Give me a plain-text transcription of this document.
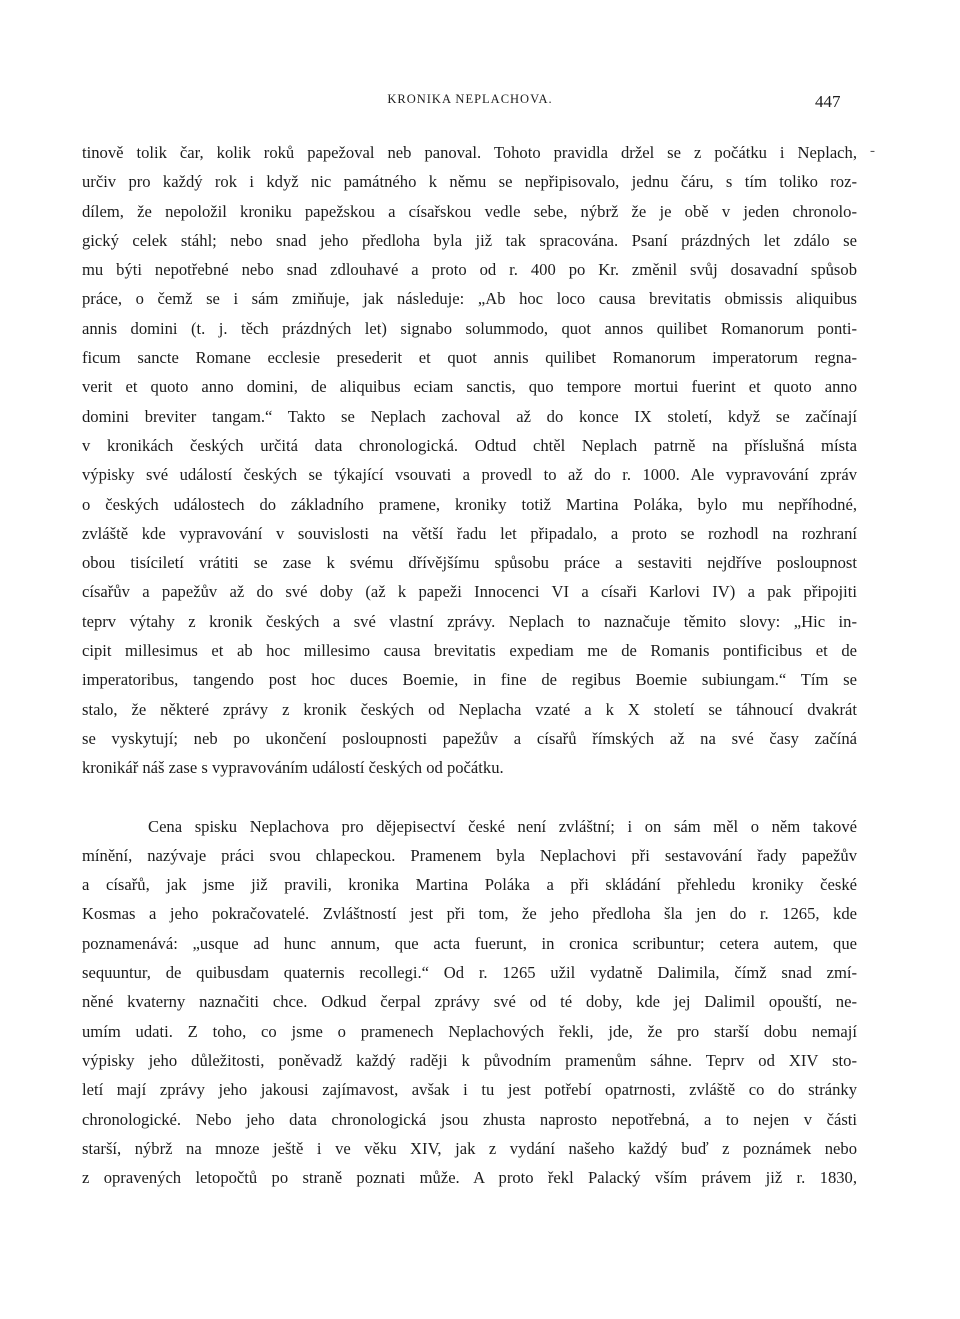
KRONIKA NEPLACHOVA.	447
-
tinově tolik čar, kolik roků papežoval neb panoval. Tohoto pravidla držel se z počátku i Neplach,
určiv pro každý rok i když nic památného k němu se nepřipisovalo, jednu čáru, s tím toliko roz-
dílem, že nepoložil kroniku papežskou a císařskou vedle sebe, nýbrž že je obě v jeden chronolo-
gický celek stáhl; nebo snad jeho předloha byla již tak spracována. Psaní prázdných let zdálo se
mu býti nepotřebné nebo snad zdlouhavé a proto od r. 400 po Kr. změnil svůj dosavadní spůsob
práce, o čemž se i sám zmiňuje, jak následuje: „Ab hoc loco causa brevitatis obmissis aliquibus
annis domini (t. j. těch prázdných let) signabo solummodo, quot annos quilibet Romanorum ponti-
ficum sancte Romane ecclesie presederit et quot annis quilibet Romanorum imperatorum regna-
verit et quoto anno domini, de aliquibus eciam sanctis, quo tempore mortui fuerint et quoto anno
domini breviter tangam.“ Takto se Neplach zachoval až do konce IX století, když se začínají
v kronikách českých určitá data chronologická. Odtud chtěl Neplach patrně na příslušná místa
výpisky své událostí českých se týkající vsouvati a provedl to až do r. 1000. Ale vypravování zpráv
o českých událostech do základního pramene, kroniky totiž Martina Poláka, bylo mu nepříhodné,
zvláště kde vypravování v souvislosti na větší řadu let připadalo, a proto se rozhodl na rozhraní
obou tisíciletí vrátiti se zase k svému dřívějšímu spůsobu práce a sestaviti nejdříve posloupnost
císařův a papežův až do své doby (až k papeži Innocenci VI a císaři Karlovi IV) a pak připojiti
teprv výtahy z kronik českých a své vlastní zprávy. Neplach to naznačuje těmito slovy: „Hic in-
cipit millesimus et ab hoc millesimo causa brevitatis expediam me de Romanis pontificibus et de
imperatoribus, tangendo post hoc duces Boemie, in fine de regibus Boemie subiungam.“ Tím se
stalo, že některé zprávy z kronik českých od Neplacha vzaté a k X století se táhnoucí dvakrát
se vyskytují; neb po ukončení posloupnosti papežův a císařů římských až na své časy začíná
kronikář náš zase s vypravováním událostí českých od počátku.
Cena spisku Neplachova pro dějepisectví české není zvláštní; i on sám měl o něm takové
mínění, nazývaje práci svou chlapeckou. Pramenem byla Neplachovi při sestavování řady papežův
a císařů, jak jsme již pravili, kronika Martina Poláka a při skládání přehledu kroniky české
Kosmas a jeho pokračovatelé. Zvláštností jest při tom, že jeho předloha šla jen do r. 1265, kde
poznamenává: „usque ad hunc annum, que acta fuerunt, in cronica scribuntur; cetera autem, que
sequuntur, de quibusdam quaternis recollegi.“ Od r. 1265 užil vydatně Dalimila, čímž snad zmí-
něné kvaterny naznačiti chce. Odkud čerpal zprávy své od té doby, kde jej Dalimil opouští, ne-
umím udati. Z toho, co jsme o pramenech Neplachových řekli, jde, že pro starší dobu nemají
výpisky jeho důležitosti, poněvadž každý raději k původním pramenům sáhne. Teprv od XIV sto-
letí mají zprávy jeho jakousi zajímavost, avšak i tu jest potřebí opatrnosti, zvláště co do stránky
chronologické. Nebo jeho data chronologická jsou zhusta naprosto nepotřebná, a to nejen v části
starší, nýbrž na mnoze ještě i ve věku XIV, jak z vydání našeho každý buď z poznámek nebo
z opravených letopočtů po straně poznati může. A proto řekl Palacký vším právem již r. 1830,
